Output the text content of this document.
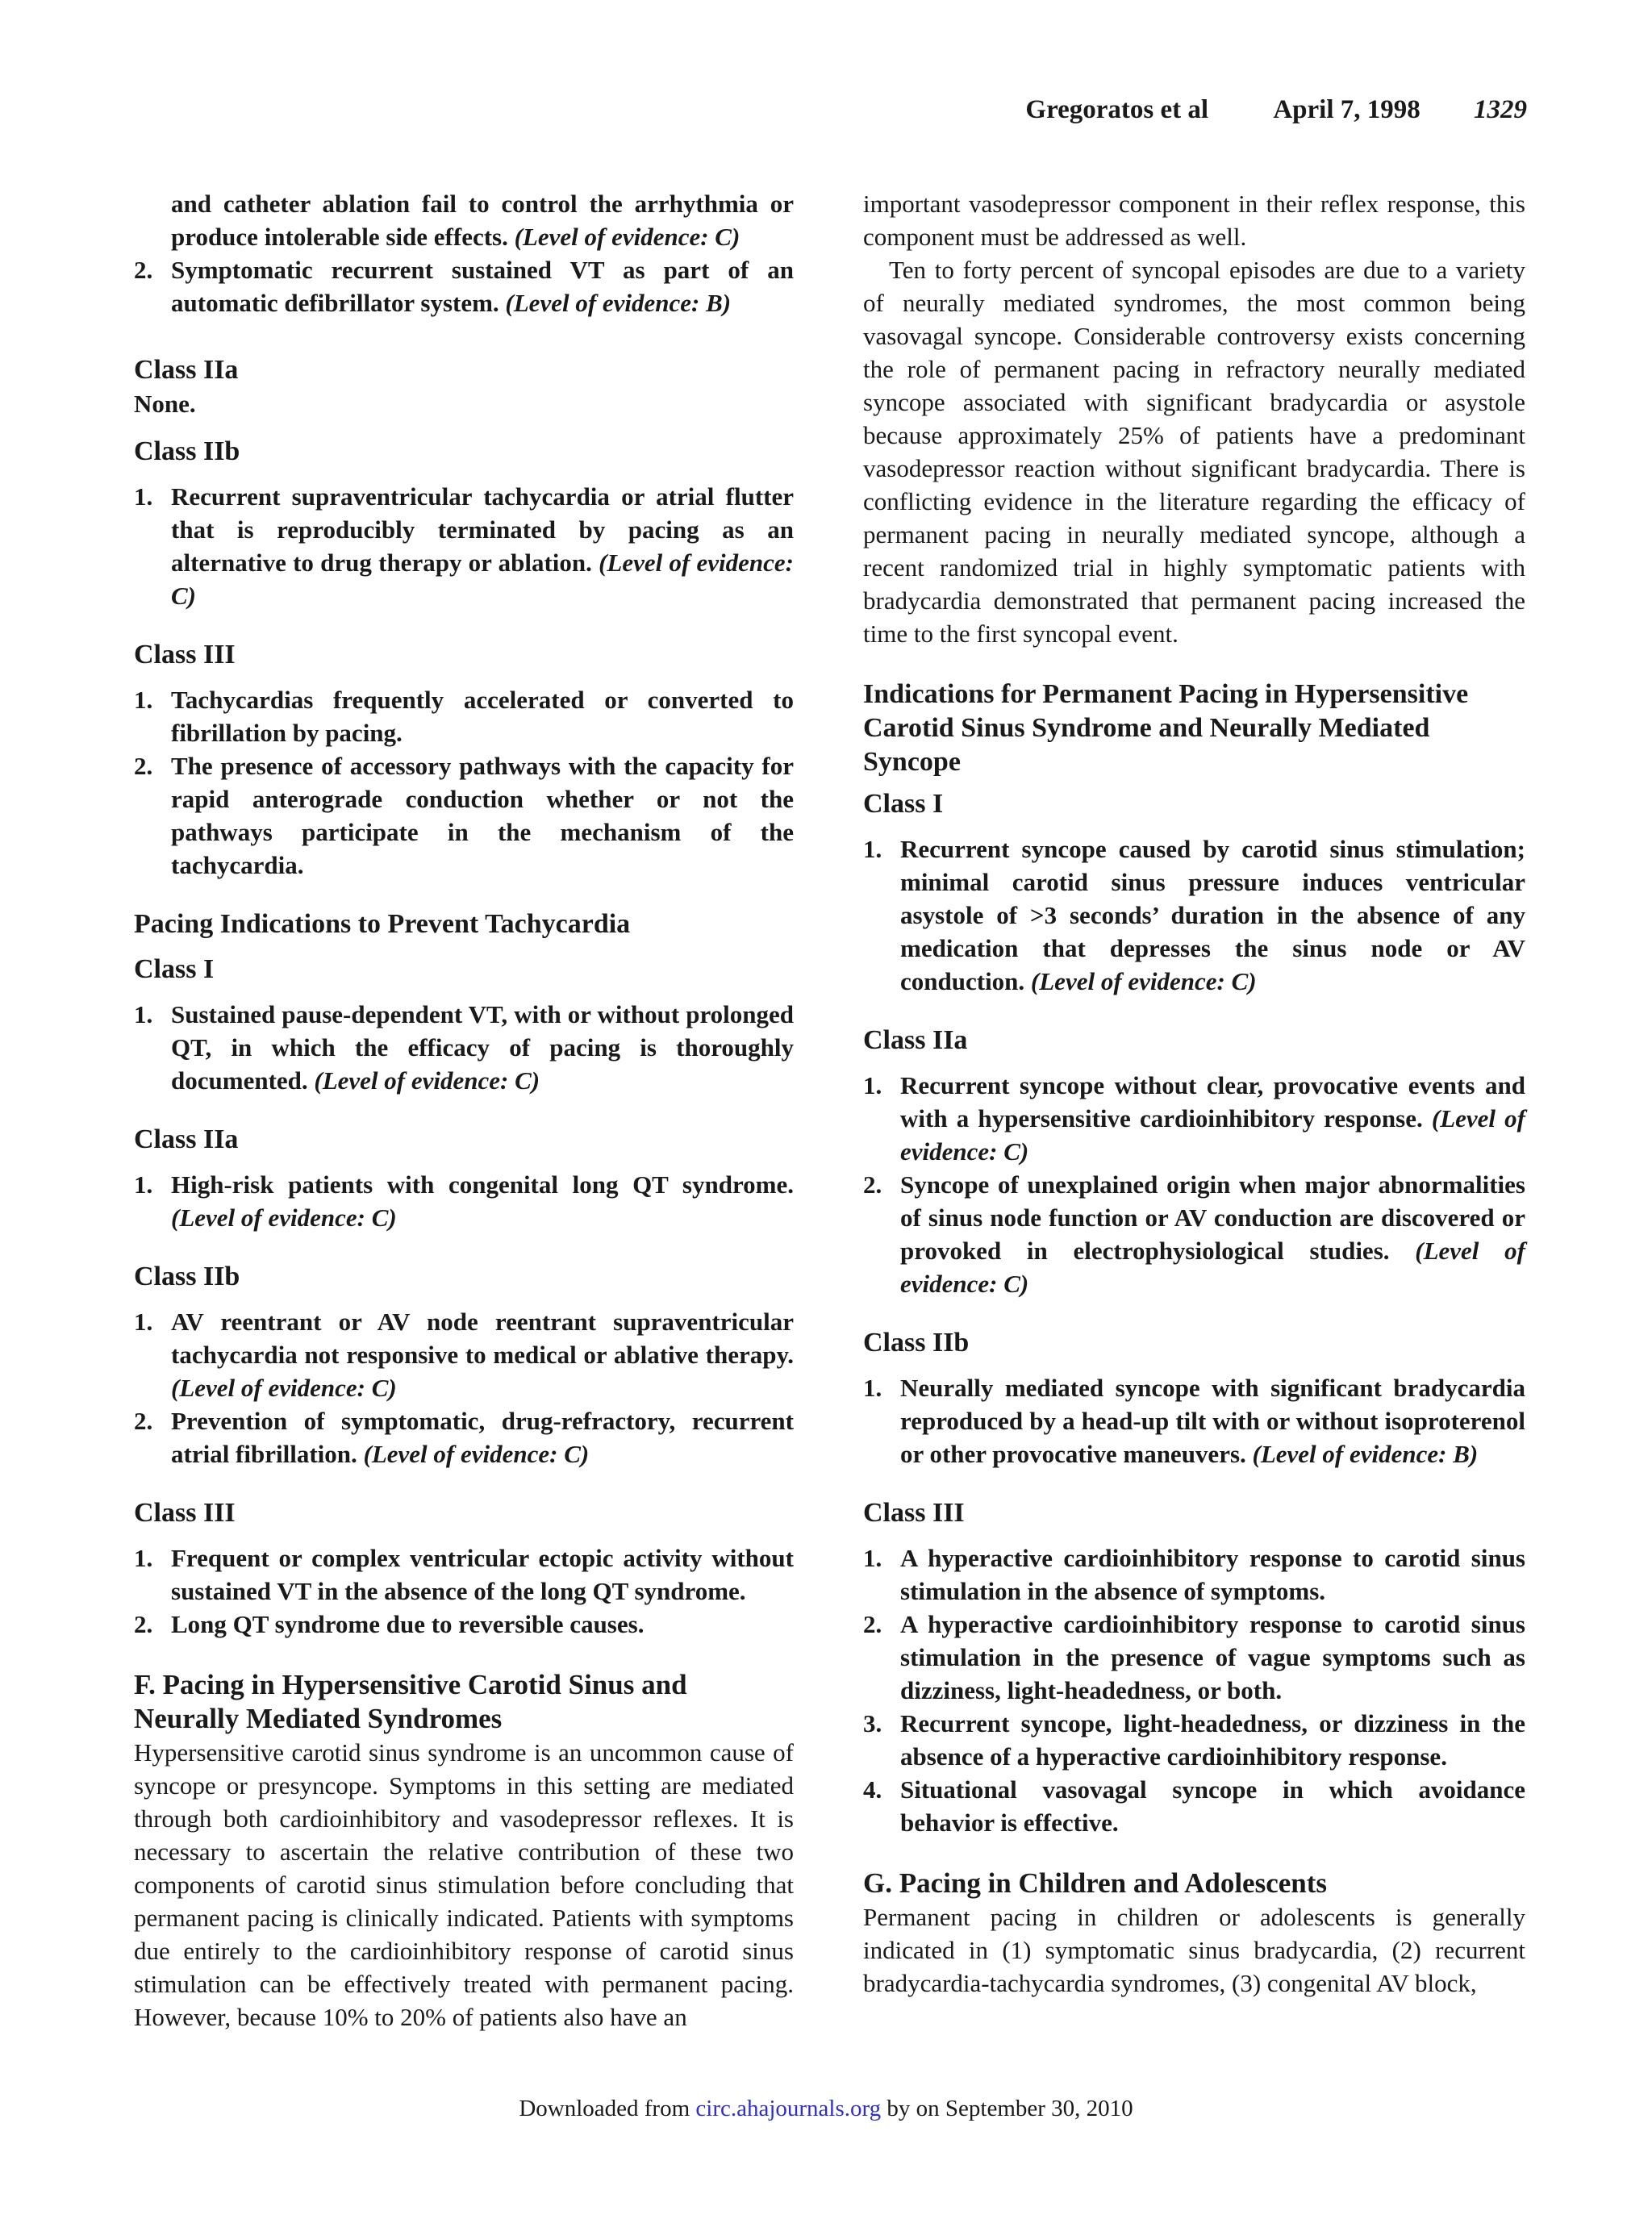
Gregoratos et al April 7, 1998 1329
and catheter ablation fail to control the arrhythmia or produce intolerable side effects. (Level of evidence: C)
2. Symptomatic recurrent sustained VT as part of an automatic defibrillator system. (Level of evidence: B)
Class IIa

None.

Class IIb
1. Recurrent supraventricular tachycardia or atrial flutter that is reproducibly terminated by pacing as an alternative to drug therapy or ablation. (Level of evidence: C)
Class III
1. Tachycardias frequently accelerated or converted to fibrillation by pacing.
2. The presence of accessory pathways with the capacity for rapid anterograde conduction whether or not the pathways participate in the mechanism of the tachycardia.
Pacing Indications to Prevent Tachycardia
Class I
1. Sustained pause-dependent VT, with or without prolonged QT, in which the efficacy of pacing is thoroughly documented. (Level of evidence: C)
Class IIa
1. High-risk patients with congenital long QT syndrome. (Level of evidence: C)
Class IIb
1. AV reentrant or AV node reentrant supraventricular tachycardia not responsive to medical or ablative therapy. (Level of evidence: C)
2. Prevention of symptomatic, drug-refractory, recurrent atrial fibrillation. (Level of evidence: C)
Class III
1. Frequent or complex ventricular ectopic activity without sustained VT in the absence of the long QT syndrome.
2. Long QT syndrome due to reversible causes.
F. Pacing in Hypersensitive Carotid Sinus and Neurally Mediated Syndromes

Hypersensitive carotid sinus syndrome is an uncommon cause of syncope or presyncope. Symptoms in this setting are mediated through both cardioinhibitory and vasodepressor reflexes. It is necessary to ascertain the relative contribution of these two components of carotid sinus stimulation before concluding that permanent pacing is clinically indicated. Patients with symptoms due entirely to the cardioinhibitory response of carotid sinus stimulation can be effectively treated with permanent pacing. However, because 10% to 20% of patients also have an

important vasodepressor component in their reflex response, this component must be addressed as well.

Ten to forty percent of syncopal episodes are due to a variety of neurally mediated syndromes, the most common being vasovagal syncope. Considerable controversy exists concerning the role of permanent pacing in refractory neurally mediated syncope associated with significant bradycardia or asystole because approximately 25% of patients have a predominant vasodepressor reaction without significant bradycardia. There is conflicting evidence in the literature regarding the efficacy of permanent pacing in neurally mediated syncope, although a recent randomized trial in highly symptomatic patients with bradycardia demonstrated that permanent pacing increased the time to the first syncopal event.

Indications for Permanent Pacing in Hypersensitive Carotid Sinus Syndrome and Neurally Mediated Syncope
Class I
1. Recurrent syncope caused by carotid sinus stimulation; minimal carotid sinus pressure induces ventricular asystole of >3 seconds’ duration in the absence of any medication that depresses the sinus node or AV conduction. (Level of evidence: C)
Class IIa
1. Recurrent syncope without clear, provocative events and with a hypersensitive cardioinhibitory response. (Level of evidence: C)
2. Syncope of unexplained origin when major abnormalities of sinus node function or AV conduction are discovered or provoked in electrophysiological studies. (Level of evidence: C)
Class IIb
1. Neurally mediated syncope with significant bradycardia reproduced by a head-up tilt with or without isoproterenol or other provocative maneuvers. (Level of evidence: B)
Class III
1. A hyperactive cardioinhibitory response to carotid sinus stimulation in the absence of symptoms.
2. A hyperactive cardioinhibitory response to carotid sinus stimulation in the presence of vague symptoms such as dizziness, light-headedness, or both.
3. Recurrent syncope, light-headedness, or dizziness in the absence of a hyperactive cardioinhibitory response.
4. Situational vasovagal syncope in which avoidance behavior is effective.
G. Pacing in Children and Adolescents

Permanent pacing in children or adolescents is generally indicated in (1) symptomatic sinus bradycardia, (2) recurrent bradycardia-tachycardia syndromes, (3) congenital AV block,

Downloaded from circ.ahajournals.org by on September 30, 2010
